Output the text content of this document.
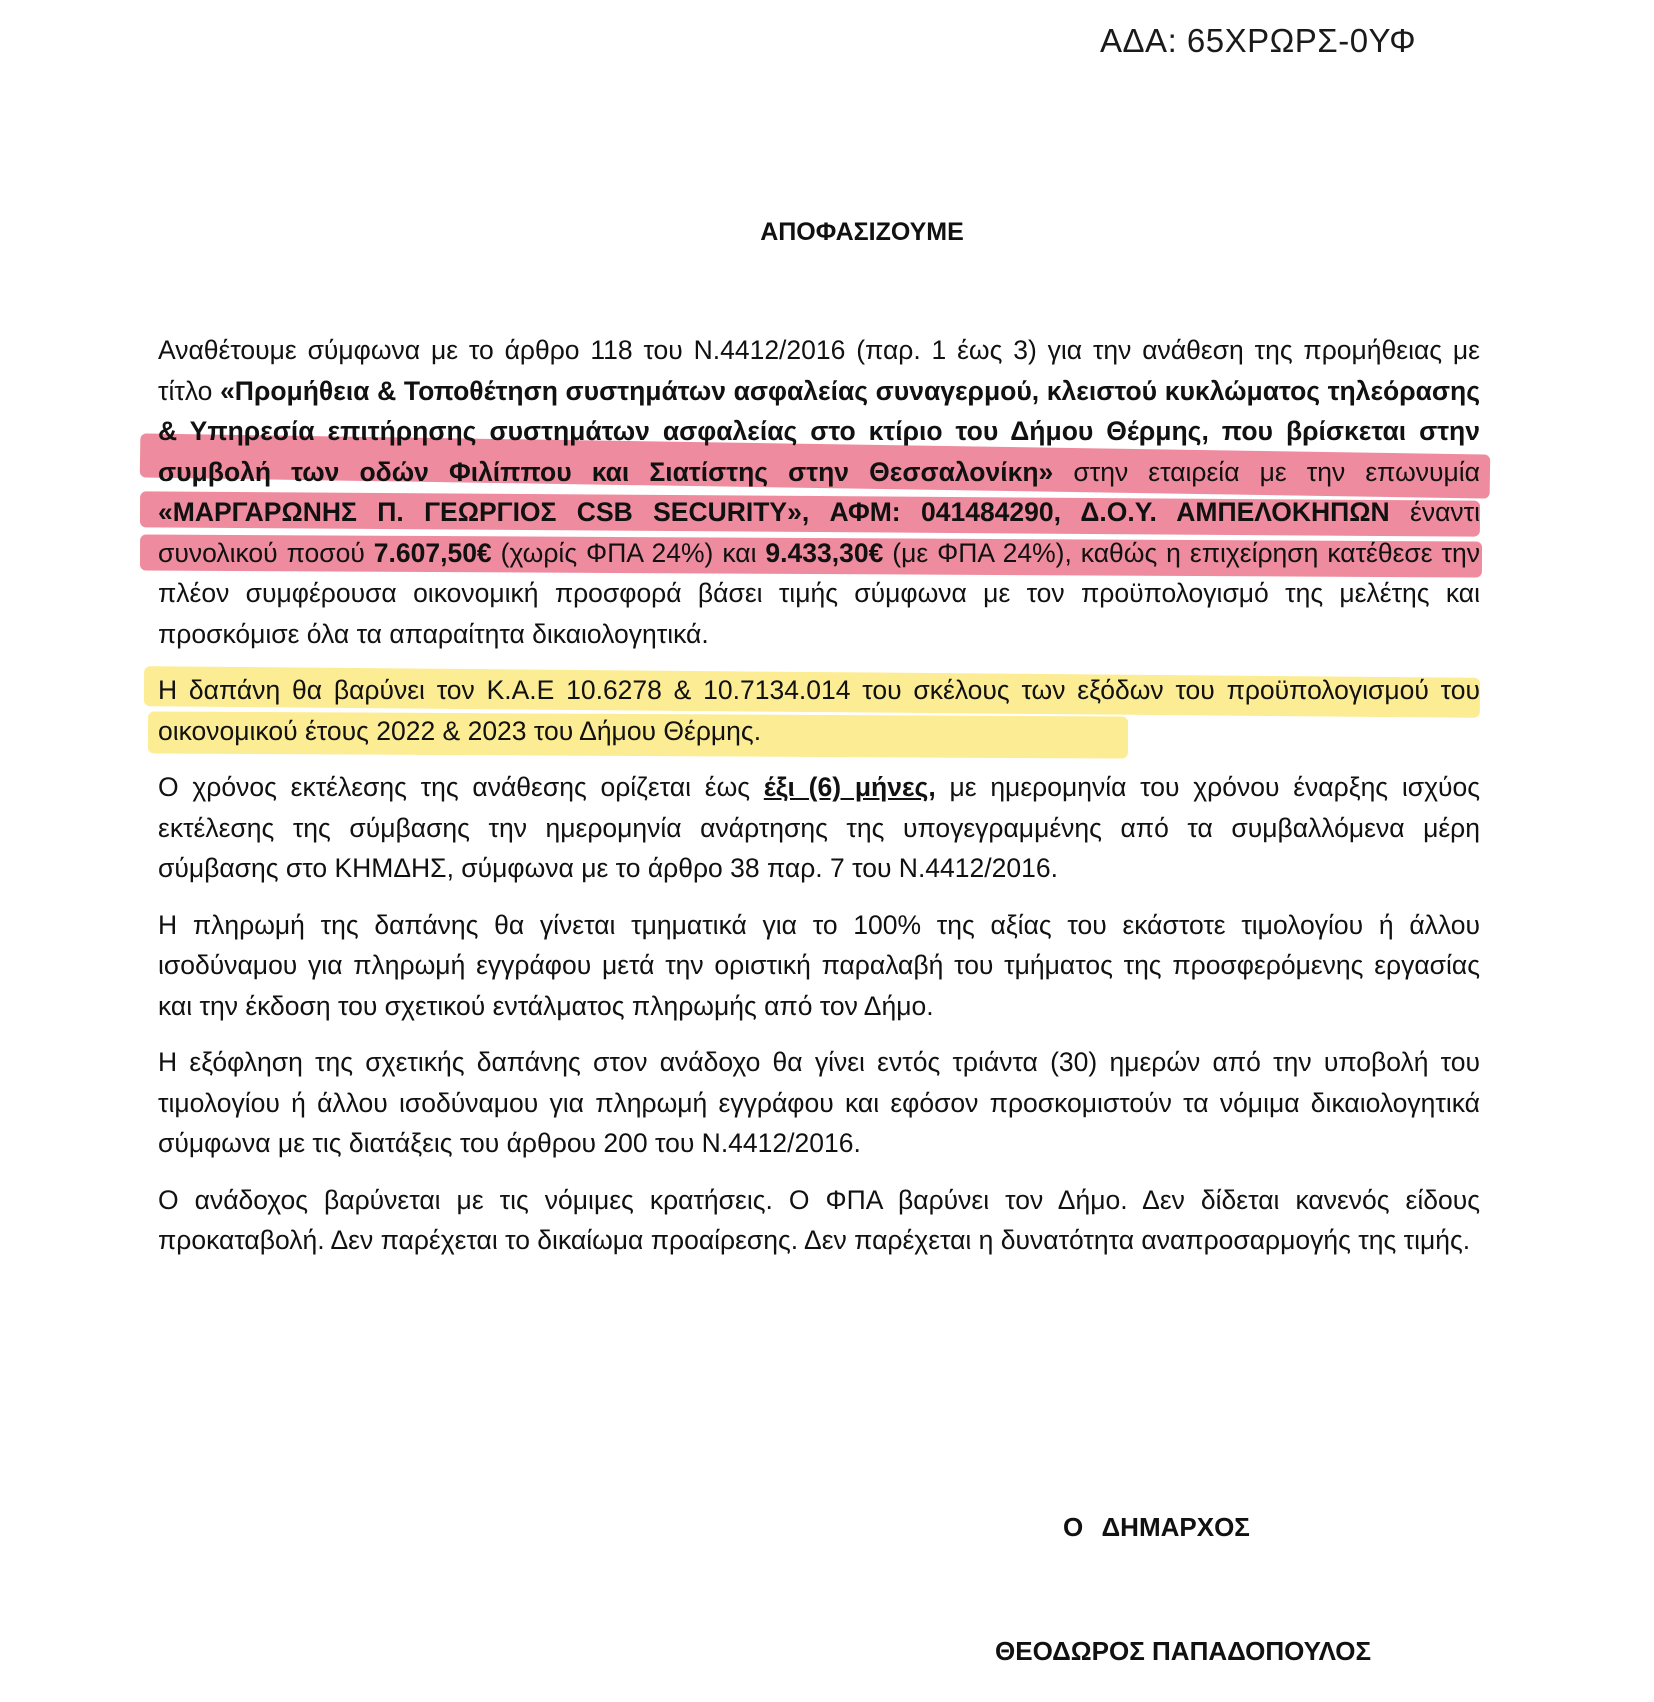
ΑΔΑ: 65ΧΡΩΡΣ-0ΥΦ
ΑΠΟΦΑΣΙΖΟΥΜΕ

Αναθέτουμε σύμφωνα με το άρθρο 118 του Ν.4412/2016 (παρ. 1 έως 3) για την ανάθεση της προμήθειας με τίτλο «Προμήθεια & Τοποθέτηση συστημάτων ασφαλείας συναγερμού, κλειστού κυκλώματος τηλεόρασης & Υπηρεσία επιτήρησης συστημάτων ασφαλείας στο κτίριο του Δήμου Θέρμης, που βρίσκεται στην συμβολή των οδών Φιλίππου και Σιατίστης στην Θεσσαλονίκη» στην εταιρεία με την επωνυμία «ΜΑΡΓΑΡΩΝΗΣ Π. ΓΕΩΡΓΙΟΣ CSB SECURITY», ΑΦΜ: 041484290, Δ.Ο.Υ. ΑΜΠΕΛΟΚΗΠΩΝ έναντι συνολικού ποσού 7.607,50€ (χωρίς ΦΠΑ 24%) και 9.433,30€ (με ΦΠΑ 24%), καθώς η επιχείρηση κατέθεσε την πλέον συμφέρουσα οικονομική προσφορά βάσει τιμής σύμφωνα με τον προϋπολογισμό της μελέτης και προσκόμισε όλα τα απαραίτητα δικαιολογητικά.

Η δαπάνη θα βαρύνει τον Κ.Α.Ε 10.6278 & 10.7134.014 του σκέλους των εξόδων του προϋπολογισμού του οικονομικού έτους 2022 & 2023 του Δήμου Θέρμης.

Ο χρόνος εκτέλεσης της ανάθεσης ορίζεται έως έξι (6) μήνες, με ημερομηνία του χρόνου έναρξης ισχύος εκτέλεσης της σύμβασης την ημερομηνία ανάρτησης της υπογεγραμμένης από τα συμβαλλόμενα μέρη σύμβασης στο ΚΗΜΔΗΣ, σύμφωνα με το άρθρο 38 παρ. 7 του Ν.4412/2016.

Η πληρωμή της δαπάνης θα γίνεται τμηματικά για το 100% της αξίας του εκάστοτε τιμολογίου ή άλλου ισοδύναμου για πληρωμή εγγράφου μετά την οριστική παραλαβή του τμήματος της προσφερόμενης εργασίας και την έκδοση του σχετικού εντάλματος πληρωμής από τον Δήμο.

Η εξόφληση της σχετικής δαπάνης στον ανάδοχο θα γίνει εντός τριάντα (30) ημερών από την υποβολή του τιμολογίου ή άλλου ισοδύναμου για πληρωμή εγγράφου και εφόσον προσκομιστούν τα νόμιμα δικαιολογητικά σύμφωνα με τις διατάξεις του άρθρου 200 του Ν.4412/2016.

Ο ανάδοχος βαρύνεται με τις νόμιμες κρατήσεις. Ο ΦΠΑ βαρύνει τον Δήμο. Δεν δίδεται κανενός είδους προκαταβολή. Δεν παρέχεται το δικαίωμα προαίρεσης. Δεν παρέχεται η δυνατότητα αναπροσαρμογής της τιμής.

Ο ΔΗΜΑΡΧΟΣ
ΘΕΟΔΩΡΟΣ ΠΑΠΑΔΟΠΟΥΛΟΣ
